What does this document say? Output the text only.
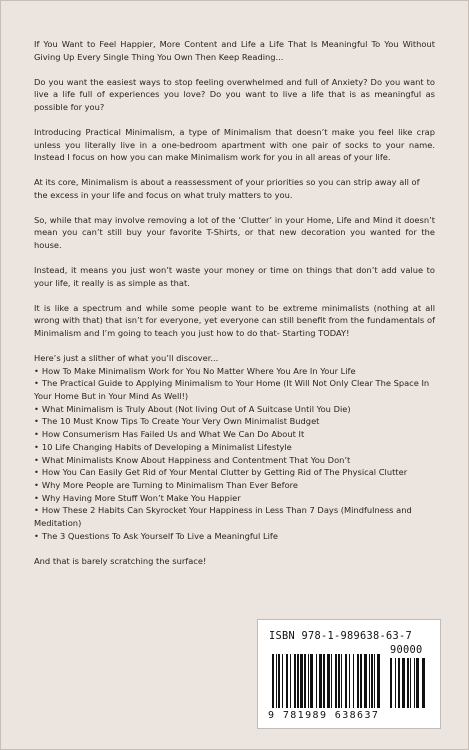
If You Want to Feel Happier, More Content and Life a Life That Is Meaningful To You Without Giving Up Every Single Thing You Own Then Keep Reading...

Do you want the easiest ways to stop feeling overwhelmed and full of Anxiety? Do you want to live a life full of experiences you love? Do you want to live a life that is as meaningful as possible for you?

Introducing Practical Minimalism, a type of Minimalism that doesn’t make you feel like crap unless you literally live in a one-bedroom apartment with one pair of socks to your name. Instead I focus on how you can make Minimalism work for you in all areas of your life.

At its core, Minimalism is about a reassessment of your priorities so you can strip away all of the excess in your life and focus on what truly matters to you.

So, while that may involve removing a lot of the ‘Clutter’ in your Home, Life and Mind it doesn’t mean you can’t still buy your favorite T-Shirts, or that new decoration you wanted for the house.

Instead, it means you just won’t waste your money or time on things that don’t add value to your life, it really is as simple as that.

It is like a spectrum and while some people want to be extreme minimalists (nothing at all wrong with that) that isn’t for everyone, yet everyone can still benefit from the fundamentals of Minimalism and I’m going to teach you just how to do that- Starting TODAY!

Here’s just a slither of what you’ll discover...
• How To Make Minimalism Work for You No Matter Where You Are In Your Life
• The Practical Guide to Applying Minimalism to Your Home (It Will Not Only Clear The Space In Your Home But in Your Mind As Well!)
• What Minimalism is Truly About (Not living Out of A Suitcase Until You Die)
• The 10 Must Know Tips To Create Your Very Own Minimalist Budget
• How Consumerism Has Failed Us and What We Can Do About It
• 10 Life Changing Habits of Developing a Minimalist Lifestyle
• What Minimalists Know About Happiness and Contentment That You Don’t
• How You Can Easily Get Rid of Your Mental Clutter by Getting Rid of The Physical Clutter
• Why More People are Turning to Minimalism Than Ever Before
• Why Having More Stuff Won’t Make You Happier
• How These 2 Habits Can Skyrocket Your Happiness in Less Than 7 Days (Mindfulness and Meditation)
• The 3 Questions To Ask Yourself To Live a Meaningful Life

And that is barely scratching the surface!

ISBN 978-1-989638-63-7
90000
9 781989 638637
